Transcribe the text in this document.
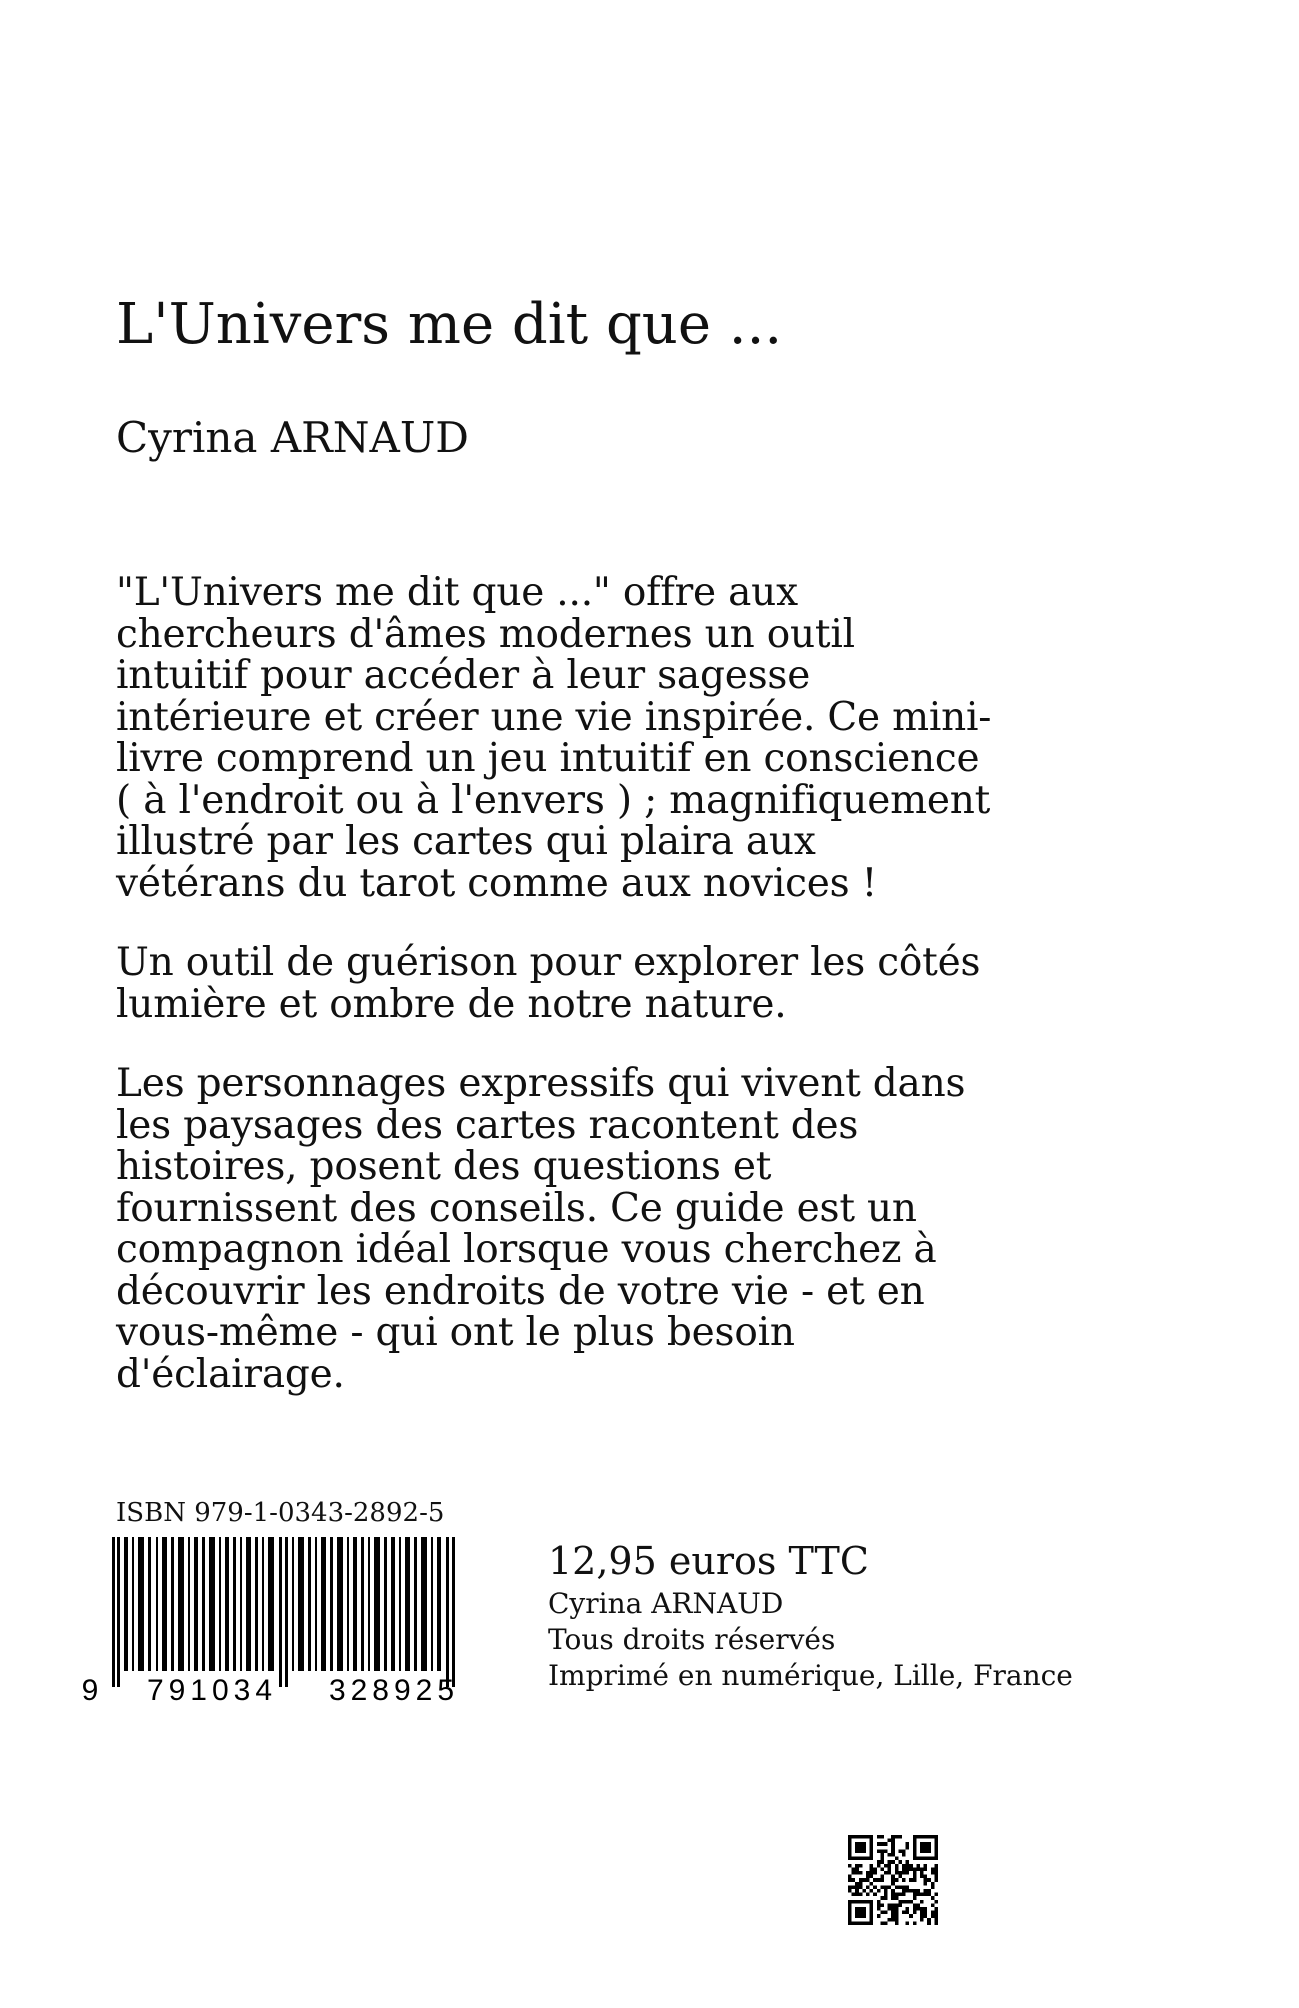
L'Univers me dit que ...
Cyrina ARNAUD

"L'Univers me dit que ..." offre aux chercheurs d'âmes modernes un outil intuitif pour accéder à leur sagesse intérieure et créer une vie inspirée. Ce mini-livre comprend un jeu intuitif en conscience ( à l'endroit ou à l'envers ) ; magnifiquement illustré par les cartes qui plaira aux vétérans du tarot comme aux novices !

Un outil de guérison pour explorer les côtés lumière et ombre de notre nature.

Les personnages expressifs qui vivent dans les paysages des cartes racontent des histoires, posent des questions et fournissent des conseils. Ce guide est un compagnon idéal lorsque vous cherchez à découvrir les endroits de votre vie - et en vous-même - qui ont le plus besoin d'éclairage.

ISBN 979-1-0343-2892-5
9 791034 328925
12,95 euros TTC
Cyrina ARNAUD
Tous droits réservés
Imprimé en numérique, Lille, France
